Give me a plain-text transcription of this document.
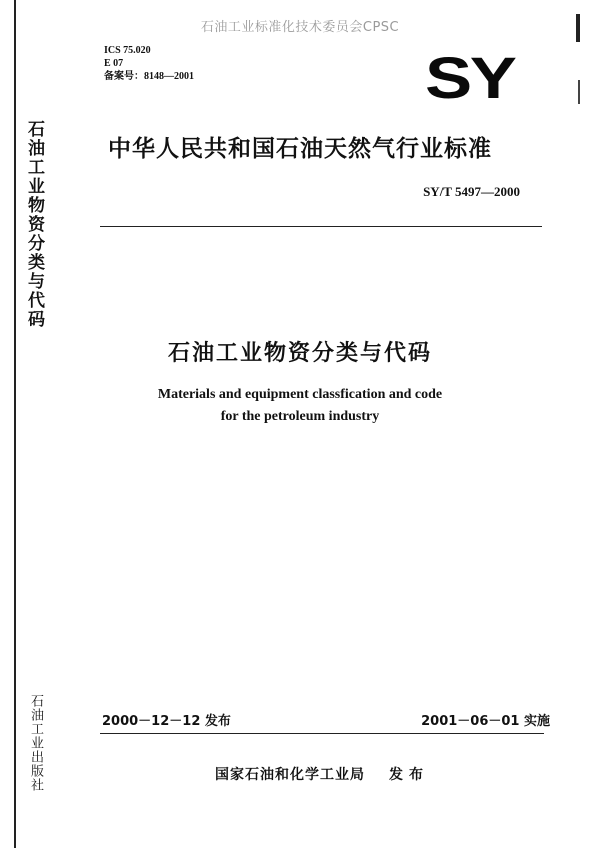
石油工业标准化技术委员会CPSC
石油工业物资分类与代码
石油工业出版社
ICS 75.020
E 07
备案号：8148—2001	SY
中华人民共和国石油天然气行业标准
SY/T 5497—2000
石油工业物资分类与代码
Materials and equipment classfication and code
for the petroleum industry
2000－12－12 发布	2001－06－01 实施
国家石油和化学工业局 发布
